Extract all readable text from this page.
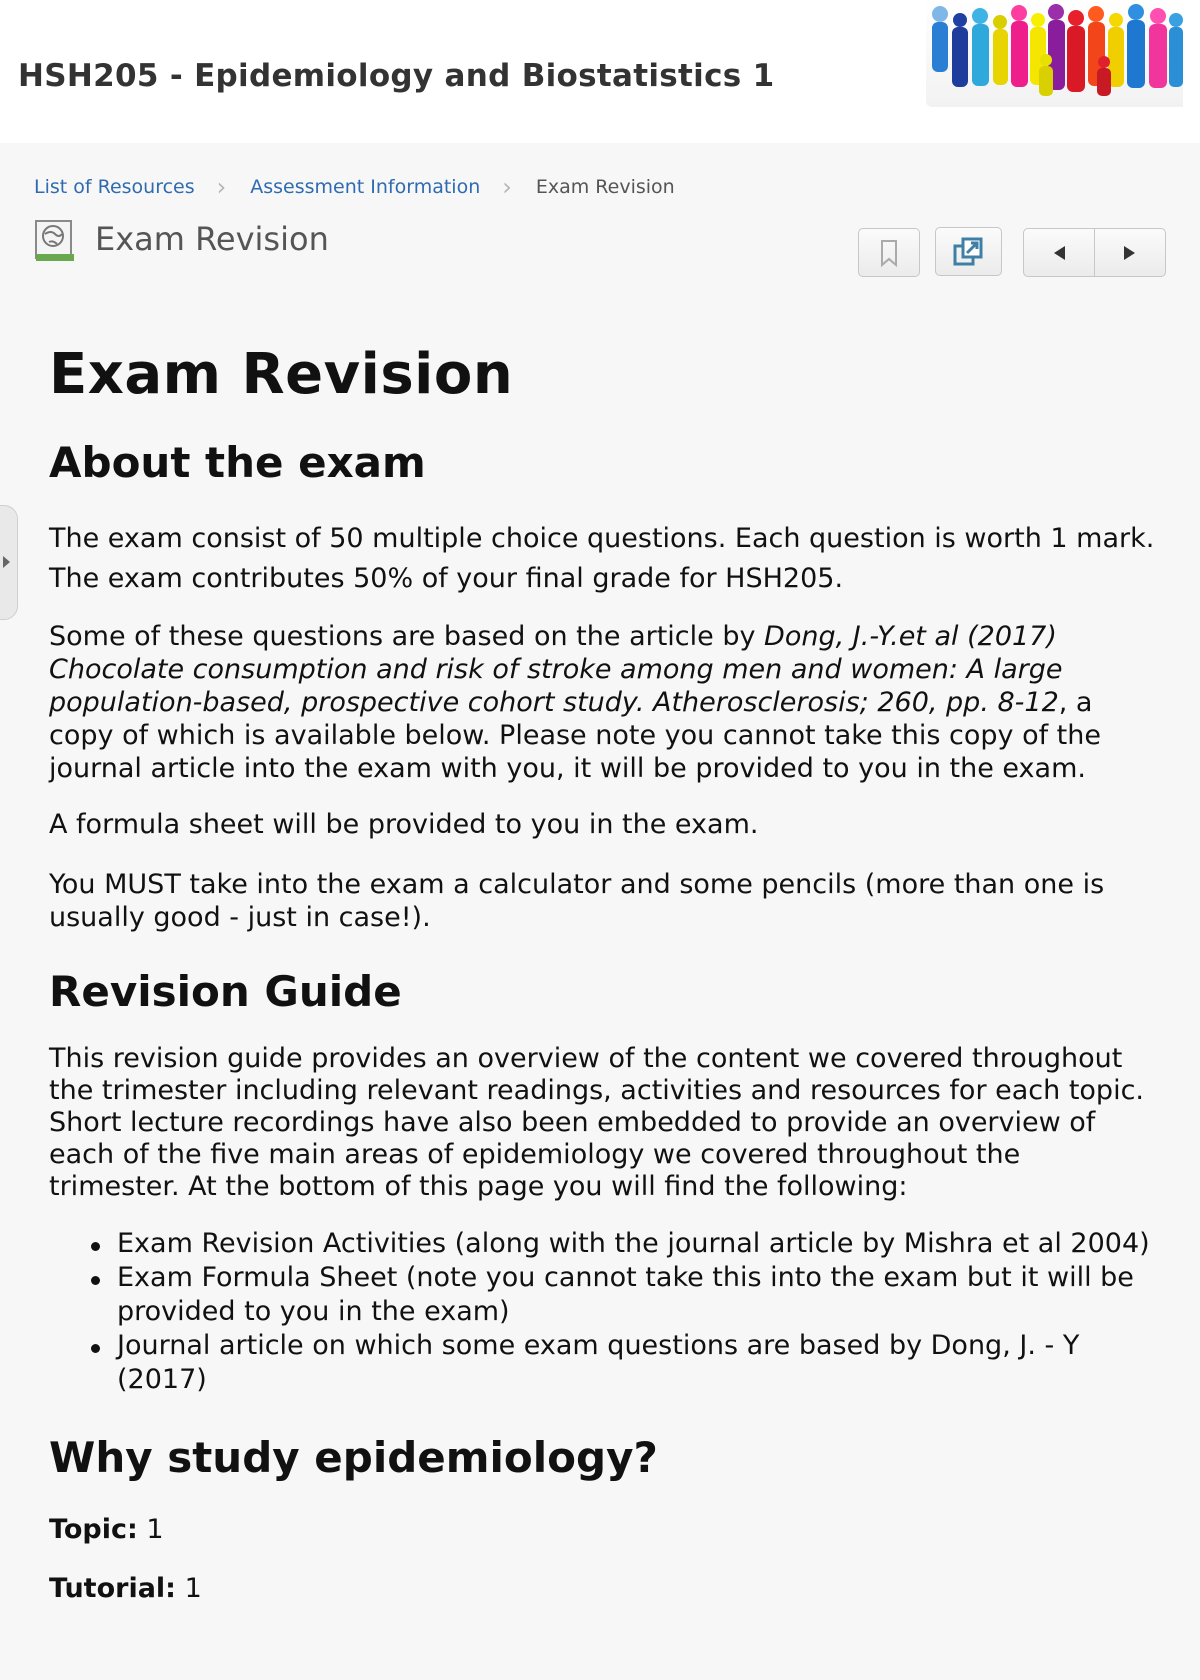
HSH205 - Epidemiology and Biostatistics 1
List of Resources › Assessment Information › Exam Revision
Exam Revision
Exam Revision
About the exam

The exam consist of 50 multiple choice questions. Each question is worth 1 mark. The exam contributes 50% of your final grade for HSH205.

Some of these questions are based on the article by Dong, J.-Y.et al (2017) Chocolate consumption and risk of stroke among men and women: A large population-based, prospective cohort study. Atherosclerosis; 260, pp. 8-12, a copy of which is available below. Please note you cannot take this copy of the journal article into the exam with you, it will be provided to you in the exam.

A formula sheet will be provided to you in the exam.

You MUST take into the exam a calculator and some pencils (more than one is usually good - just in case!).

Revision Guide

This revision guide provides an overview of the content we covered throughout the trimester including relevant readings, activities and resources for each topic. Short lecture recordings have also been embedded to provide an overview of each of the five main areas of epidemiology we covered throughout the trimester. At the bottom of this page you will find the following:

Exam Revision Activities (along with the journal article by Mishra et al 2004)
Exam Formula Sheet (note you cannot take this into the exam but it will be provided to you in the exam)
Journal article on which some exam questions are based by Dong, J. - Y (2017)
Why study epidemiology?

Topic: 1

Tutorial: 1
